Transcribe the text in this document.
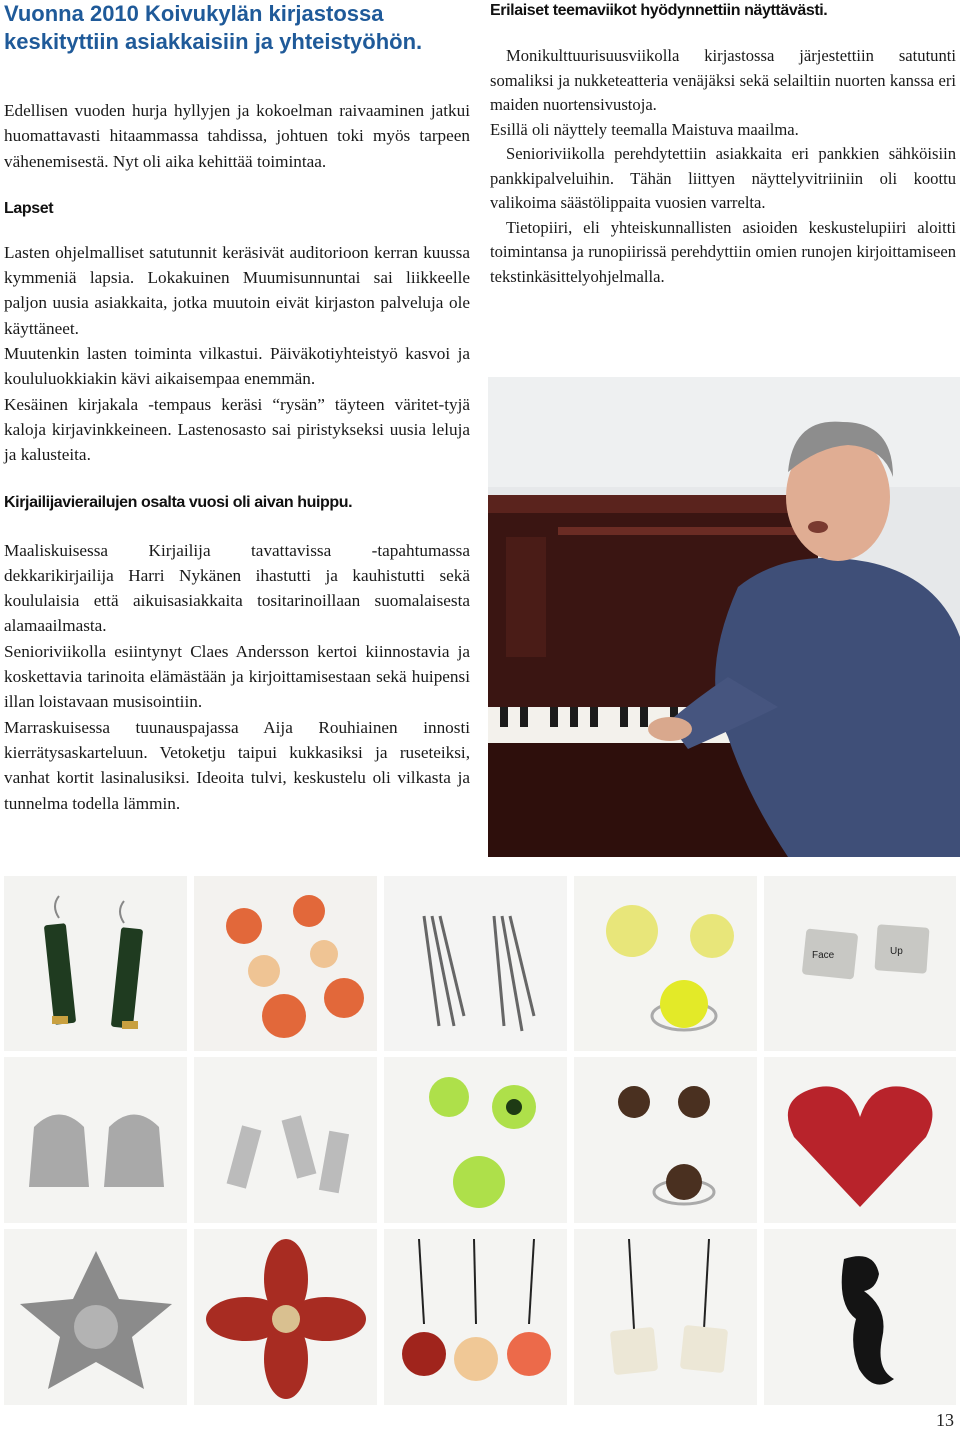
Vuonna 2010 Koivukylän kirjastossa keskityttiin asiakkaisiin ja yhteistyöhön.

Edellisen vuoden hurja hyllyjen ja kokoelman raivaaminen jatkui huomattavasti hitaammassa tahdissa, johtuen toki myös tarpeen vähenemisestä. Nyt oli aika kehittää toimintaa.

Lapset

Lasten ohjelmalliset satutunnit keräsivät auditorioon kerran kuussa kymmeniä lapsia. Lokakuinen Muumisunnuntai sai liikkeelle paljon uusia asiakkaita, jotka muutoin eivät kirjaston palveluja ole käyttäneet.

Muutenkin lasten toiminta vilkastui. Päiväkotiyhteistyö kasvoi ja koululuokkiakin kävi aikaisempaa enemmän.

Kesäinen kirjakala -tempaus keräsi “rysän” täyteen väritet-tyjä kaloja kirjavinkkeineen. Lastenosasto sai piristykseksi uusia leluja ja kalusteita.

Kirjailijavierailujen osalta vuosi oli aivan huippu.

Maaliskuisessa Kirjailija tavattavissa -tapahtumassa dekkarikirjailija Harri Nykänen ihastutti ja kauhistutti sekä koululaisia että aikuisasiakkaita tositarinoillaan suomalaisesta alamaailmasta.

Senioriviikolla esiintynyt Claes Andersson kertoi kiinnostavia ja koskettavia tarinoita elämästään ja kirjoittamisestaan sekä huipensi illan loistavaan musisointiin.

Marraskuisessa tuunauspajassa Aija Rouhiainen innosti kierrätysaskarteluun. Vetoketju taipui kukkasiksi ja ruseteiksi, vanhat kortit lasinalusiksi. Ideoita tulvi, keskustelu oli vilkasta ja tunnelma todella lämmin.

Erilaiset teemaviikot hyödynnettiin näyttävästi.

Monikulttuurisuusviikolla kirjastossa järjestettiin satutunti somaliksi ja nukketeatteria venäjäksi sekä selailtiin nuorten kanssa eri maiden nuortensivustoja.

Esillä oli näyttely teemalla Maistuva maailma.

Senioriviikolla perehdytettiin asiakkaita eri pankkien sähköisiin pankkipalveluihin. Tähän liittyen näyttelyvitriiniin oli koottu valikoima säästölippaita vuosien varrelta.

Tietopiiri, eli yhteiskunnallisten asioiden keskustelupiiri aloitti toimintansa ja runopiirissä perehdyttiin omien runojen kirjoittamiseen tekstinkäsittelyohjelmalla.

Face	Up
13
